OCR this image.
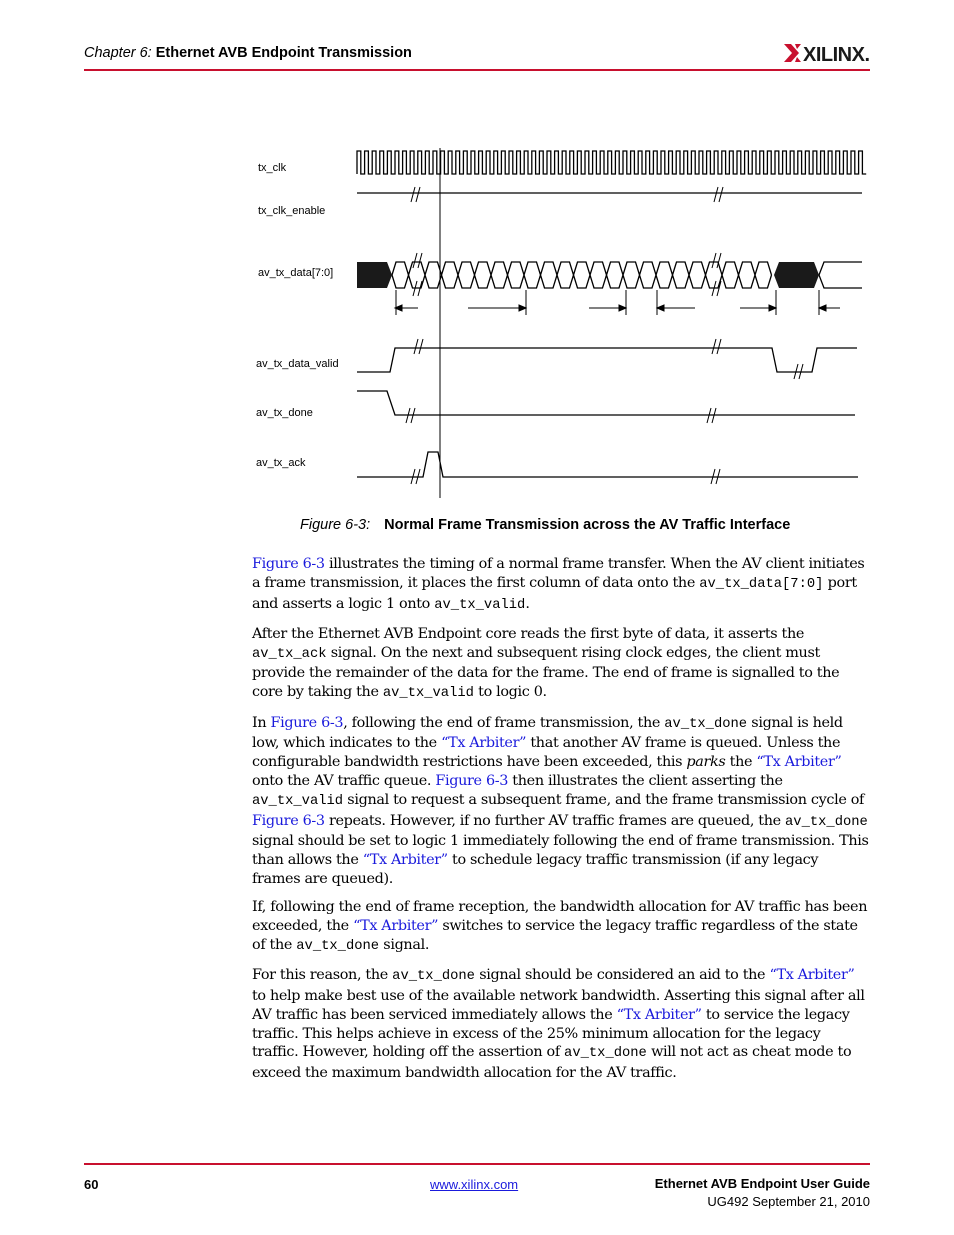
Chapter 6: Ethernet AVB Endpoint Transmission	XILINX.
tx_clk
tx_clk_enable
av_tx_data[7:0]
av_tx_data_valid
av_tx_done
av_tx_ack
Figure 6-3: Normal Frame Transmission across the AV Traffic Interface

Figure 6-3 illustrates the timing of a normal frame transfer. When the AV client initiates a frame transmission, it places the first column of data onto the av_tx_data[7:0] port and asserts a logic 1 onto av_tx_valid.

After the Ethernet AVB Endpoint core reads the first byte of data, it asserts the av_tx_ack signal. On the next and subsequent rising clock edges, the client must provide the remainder of the data for the frame. The end of frame is signalled to the core by taking the av_tx_valid to logic 0.

In Figure 6-3, following the end of frame transmission, the av_tx_done signal is held low, which indicates to the “Tx Arbiter” that another AV frame is queued. Unless the configurable bandwidth restrictions have been exceeded, this parks the “Tx Arbiter” onto the AV traffic queue. Figure 6-3 then illustrates the client asserting the av_tx_valid signal to request a subsequent frame, and the frame transmission cycle of Figure 6-3 repeats. However, if no further AV traffic frames are queued, the av_tx_done signal should be set to logic 1 immediately following the end of frame transmission. This than allows the “Tx Arbiter” to schedule legacy traffic transmission (if any legacy frames are queued).

If, following the end of frame reception, the bandwidth allocation for AV traffic has been exceeded, the “Tx Arbiter” switches to service the legacy traffic regardless of the state of the av_tx_done signal.

For this reason, the av_tx_done signal should be considered an aid to the “Tx Arbiter” to help make best use of the available network bandwidth. Asserting this signal after all AV traffic has been serviced immediately allows the “Tx Arbiter” to service the legacy traffic. This helps achieve in excess of the 25% minimum allocation for the legacy traffic. However, holding off the assertion of av_tx_done will not act as cheat mode to exceed the maximum bandwidth allocation for the AV traffic.

60	www.xilinx.com	Ethernet AVB Endpoint User Guide
UG492 September 21, 2010
